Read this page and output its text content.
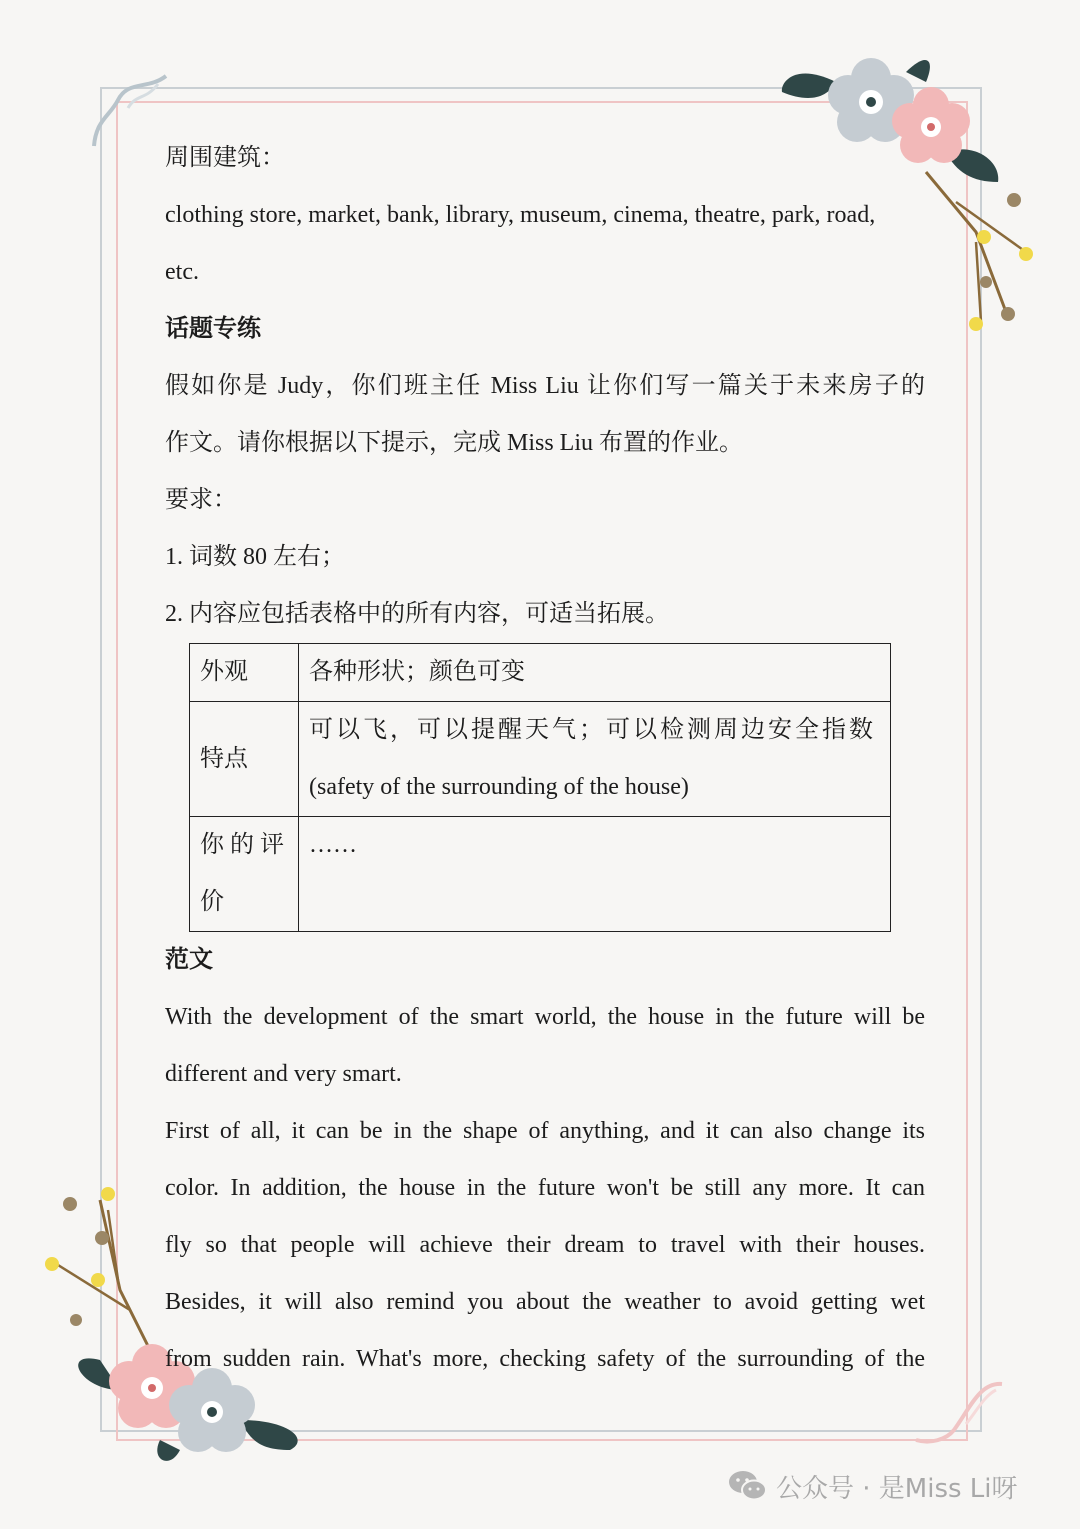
周围建筑：
clothing store, market, bank, library, museum, cinema, theatre, park, road,
etc.
话题专练
假如你是 Judy，你们班主任 Miss Liu 让你们写一篇关于未来房子的
作文。请你根据以下提示，完成 Miss Liu 布置的作业。
要求：
1. 词数 80 左右；
2. 内容应包括表格中的所有内容，可适当拓展。
外观	各种形状；颜色可变

特点	可以飞，可以提醒天气；可以检测周边安全指数
(safety of the surrounding of the house)

你 的 评
价	……
范文
With the development of the smart world, the house in the future will be
different and very smart.
First of all, it can be in the shape of anything, and it can also change its
color. In addition, the house in the future won't be still any more. It can
fly so that people will achieve their dream to travel with their houses.
Besides, it will also remind you about the weather to avoid getting wet
from sudden rain. What's more, checking safety of the surrounding of the
公众号 · 是Miss Li呀
